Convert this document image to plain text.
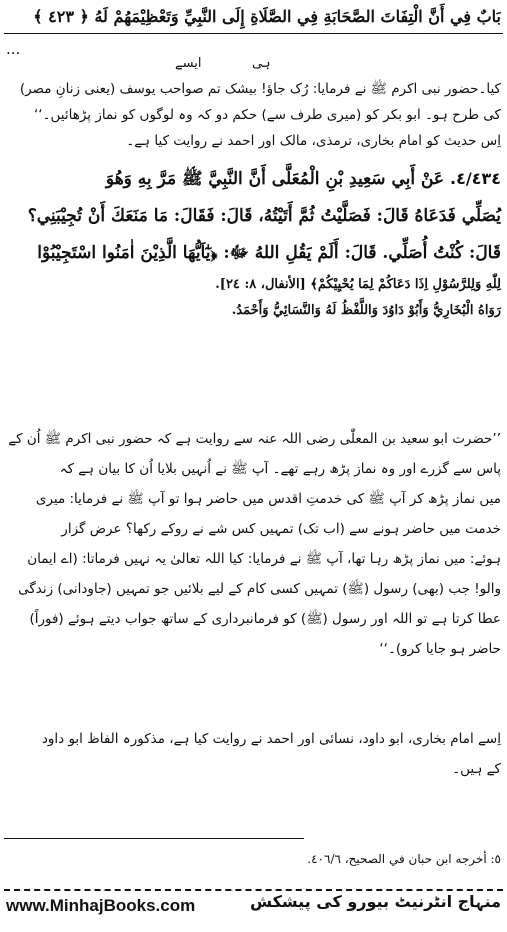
بَابٌ فِي أَنَّ الْتِفَاتَ الصَّحَابَةِ فِي الصَّلَاةِ إِلَى النَّبِيِّ وَتَعْظِيْمَهُمْ لَهُ ﴿ ٤٢٣ ﴾
...
ہی
ایسے
کیا۔حضور نبی اکرم ﷺ نے فرمایا: رُک جاؤ! بیشک تم صواحب یوسف (یعنی زنانِ مصر)
کی طرح ہو۔ ابو بکر کو (میری طرف سے) حکم دو کہ وہ لوگوں کو نماز پڑھائیں۔‘‘
اِس حدیث کو امام بخاری، ترمذی، مالک اور احمد نے روایت کیا ہے۔
٤/٤٣٤. عَنْ أَبِي سَعِيدِ بْنِ الْمُعَلَّى أَنَّ النَّبِيَّ ﷺ مَرَّ بِهِ وَهُوَ
يُصَلِّي فَدَعَاهُ قَالَ: فَصَلَّيْتُ ثُمَّ أَتَيْتُهُ، قَالَ: فَقَالَ: مَا مَنَعَكَ أَنْ تُجِيْبَنِي؟
قَالَ: كُنْتُ أُصَلِّي. قَالَ: أَلَمْ يَقُلِ اللهُ ﷻ: ﴿يٰٓاَيُّهَا الَّذِيْنَ اٰمَنُوا اسْتَجِيْبُوْا
لِلّٰهِ وَلِلرَّسُوْلِ اِذَا دَعَاكُمْ لِمَا يُحْيِيْكُمْ﴾ [الأنفال، ٨: ٢٤].
رَوَاهُ الْبُخَارِيُّ وَأَبُوْ دَاوُدَ وَاللَّفْظُ لَهُ وَالنَّسَائِيُّ وَأَحْمَدُ.
’’حضرت ابو سعید بن المعلّٰی رضی اللہ عنہ سے روایت ہے کہ حضور نبی اکرم ﷺ اُن کے
پاس سے گزرے اور وہ نماز پڑھ رہے تھے۔ آپ ﷺ نے اُنہیں بلایا اُن کا بیان ہے کہ
میں نماز پڑھ کر آپ ﷺ کی خدمتِ اقدس میں حاضر ہوا تو آپ ﷺ نے فرمایا: میری
خدمت میں حاضر ہونے سے (اب تک) تمہیں کس شے نے روکے رکھا؟ عرض گزار
ہوئے: میں نماز پڑھ رہا تھا، آپ ﷺ نے فرمایا: کیا اللہ تعالیٰ یہ نہیں فرماتا: (اے ایمان
والو! جب (بھی) رسول (ﷺ) تمہیں کسی کام کے لیے بلائیں جو تمہیں (جاودانی) زندگی
عطا کرتا ہے تو اللہ اور رسول (ﷺ) کو فرمانبرداری کے ساتھ جواب دیتے ہوئے (فوراً)
حاضر ہو جایا کرو)۔‘‘
اِسے امام بخاری، ابو داود، نسائی اور احمد نے روایت کیا ہے، مذکورہ الفاظ ابو داود
کے ہیں۔
٥: أخرجه ابن حبان في الصحيح، ٤٠٦/٦.
www.MinhajBooks.com	منہاج انٹرنیٹ بیورو کی پیشکش
